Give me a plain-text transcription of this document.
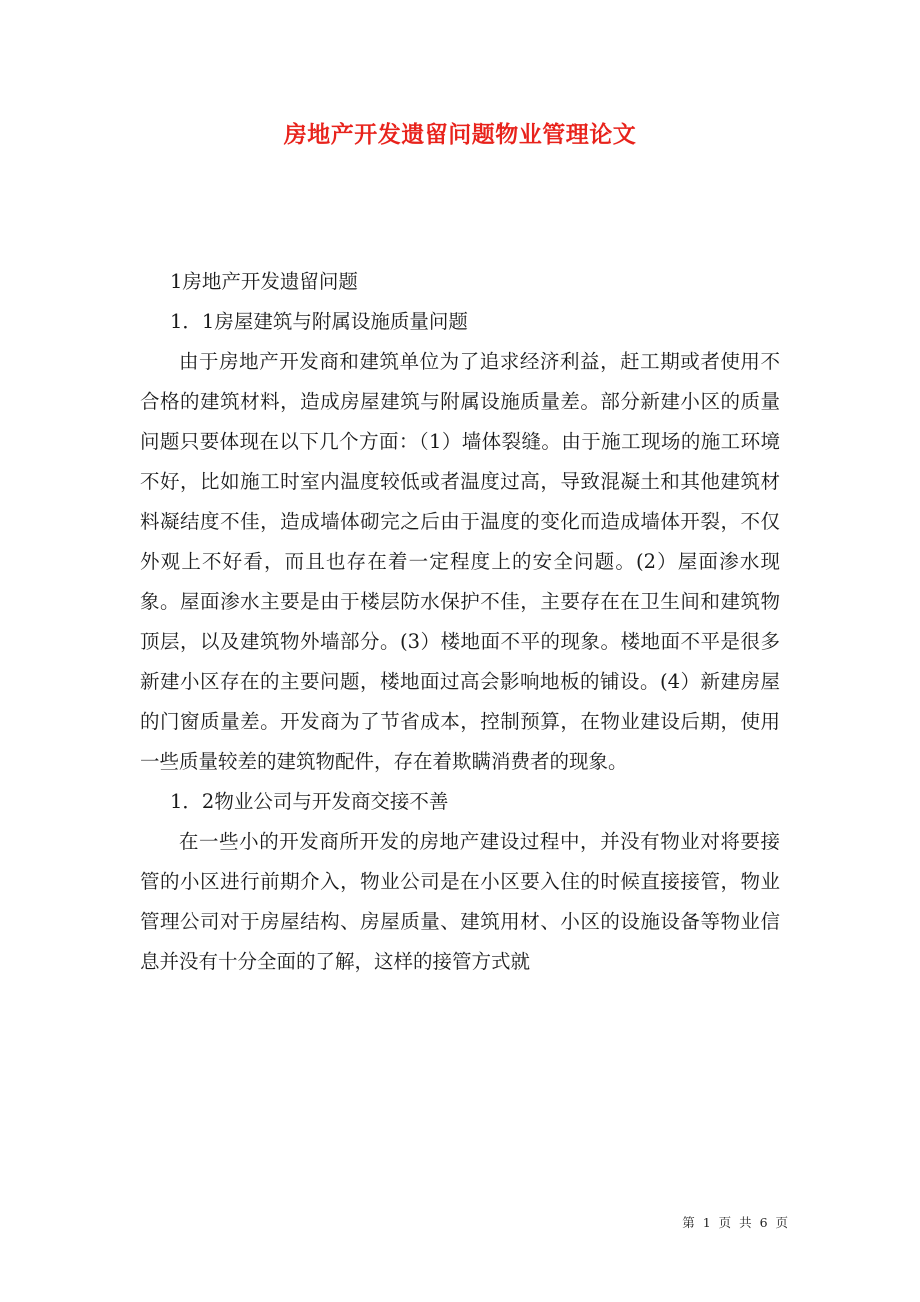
房地产开发遗留问题物业管理论文

1房地产开发遗留问题

1．1房屋建筑与附属设施质量问题

由于房地产开发商和建筑单位为了追求经济利益，赶工期或者使用不合格的建筑材料，造成房屋建筑与附属设施质量差。部分新建小区的质量问题只要体现在以下几个方面：（1）墙体裂缝。由于施工现场的施工环境不好，比如施工时室内温度较低或者温度过高，导致混凝土和其他建筑材料凝结度不佳，造成墙体砌完之后由于温度的变化而造成墙体开裂，不仅外观上不好看，而且也存在着一定程度上的安全问题。(2）屋面渗水现象。屋面渗水主要是由于楼层防水保护不佳，主要存在在卫生间和建筑物顶层，以及建筑物外墙部分。(3）楼地面不平的现象。楼地面不平是很多新建小区存在的主要问题，楼地面过高会影响地板的铺设。(4）新建房屋的门窗质量差。开发商为了节省成本，控制预算，在物业建设后期，使用一些质量较差的建筑物配件，存在着欺瞒消费者的现象。

1．2物业公司与开发商交接不善

在一些小的开发商所开发的房地产建设过程中，并没有物业对将要接管的小区进行前期介入，物业公司是在小区要入住的时候直接接管，物业管理公司对于房屋结构、房屋质量、建筑用材、小区的设施设备等物业信息并没有十分全面的了解，这样的接管方式就

第 1 页 共 6 页
